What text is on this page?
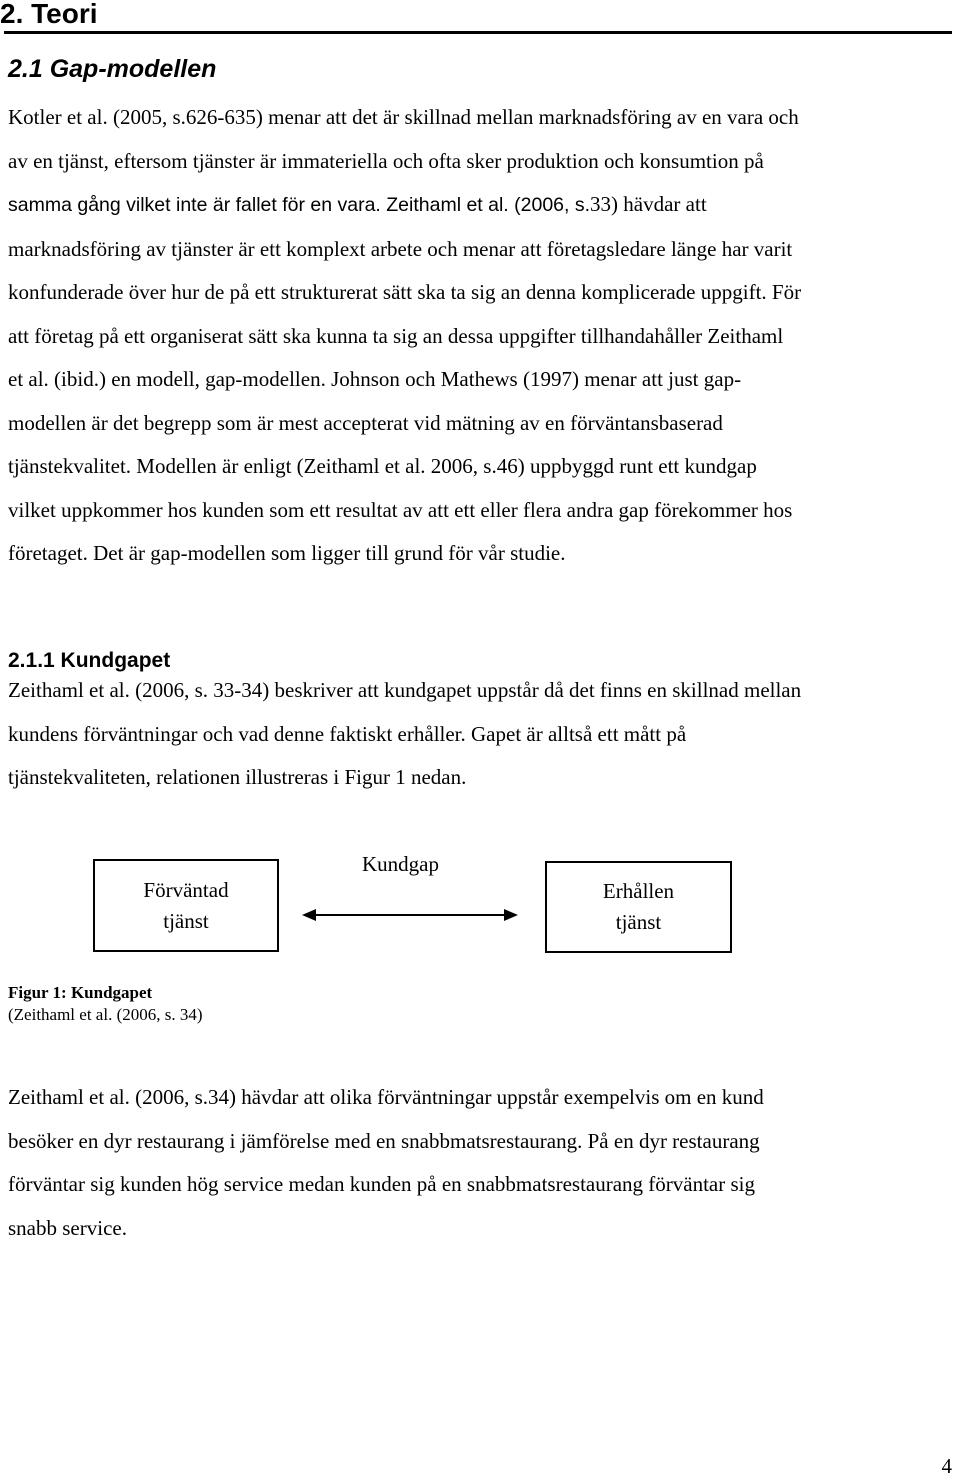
2. Teori
2.1 Gap-modellen

Kotler et al. (2005, s.626-635) menar att det är skillnad mellan marknadsföring av en vara och
av en tjänst, eftersom tjänster är immateriella och ofta sker produktion och konsumtion på
samma gång vilket inte är fallet för en vara. Zeithaml et al. (2006, s.33) hävdar att
marknadsföring av tjänster är ett komplext arbete och menar att företagsledare länge har varit
konfunderade över hur de på ett strukturerat sätt ska ta sig an denna komplicerade uppgift. För
att företag på ett organiserat sätt ska kunna ta sig an dessa uppgifter tillhandahåller Zeithaml
et al. (ibid.) en modell, gap-modellen. Johnson och Mathews (1997) menar att just gap-
modellen är det begrepp som är mest accepterat vid mätning av en förväntansbaserad
tjänstekvalitet. Modellen är enligt (Zeithaml et al. 2006, s.46) uppbyggd runt ett kundgap
vilket uppkommer hos kunden som ett resultat av att ett eller flera andra gap förekommer hos
företaget. Det är gap-modellen som ligger till grund för vår studie.

2.1.1 Kundgapet

Zeithaml et al. (2006, s. 33-34) beskriver att kundgapet uppstår då det finns en skillnad mellan
kundens förväntningar och vad denne faktiskt erhåller. Gapet är alltså ett mått på
tjänstekvaliteten, relationen illustreras i Figur 1 nedan.

Förväntad
tjänst
Kundgap
Erhållen
tjänst

Figur 1: Kundgapet
(Zeithaml et al. (2006, s. 34)

Zeithaml et al. (2006, s.34) hävdar att olika förväntningar uppstår exempelvis om en kund
besöker en dyr restaurang i jämförelse med en snabbmatsrestaurang. På en dyr restaurang
förväntar sig kunden hög service medan kunden på en snabbmatsrestaurang förväntar sig
snabb service.

4
